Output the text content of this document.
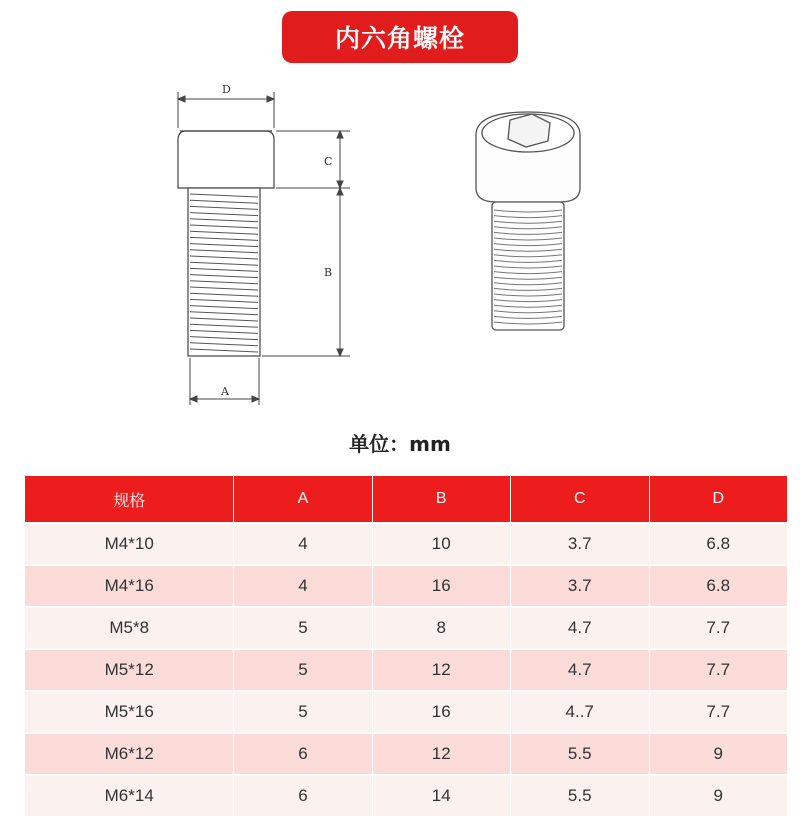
内六角螺栓
D
C
B
A
单位：mm
规格	A	B	C	D
M4*10	4	10	3.7	6.8
M4*16	4	16	3.7	6.8
M5*8	5	8	4.7	7.7
M5*12	5	12	4.7	7.7
M5*16	5	16	4..7	7.7
M6*12	6	12	5.5	9
M6*14	6	14	5.5	9
